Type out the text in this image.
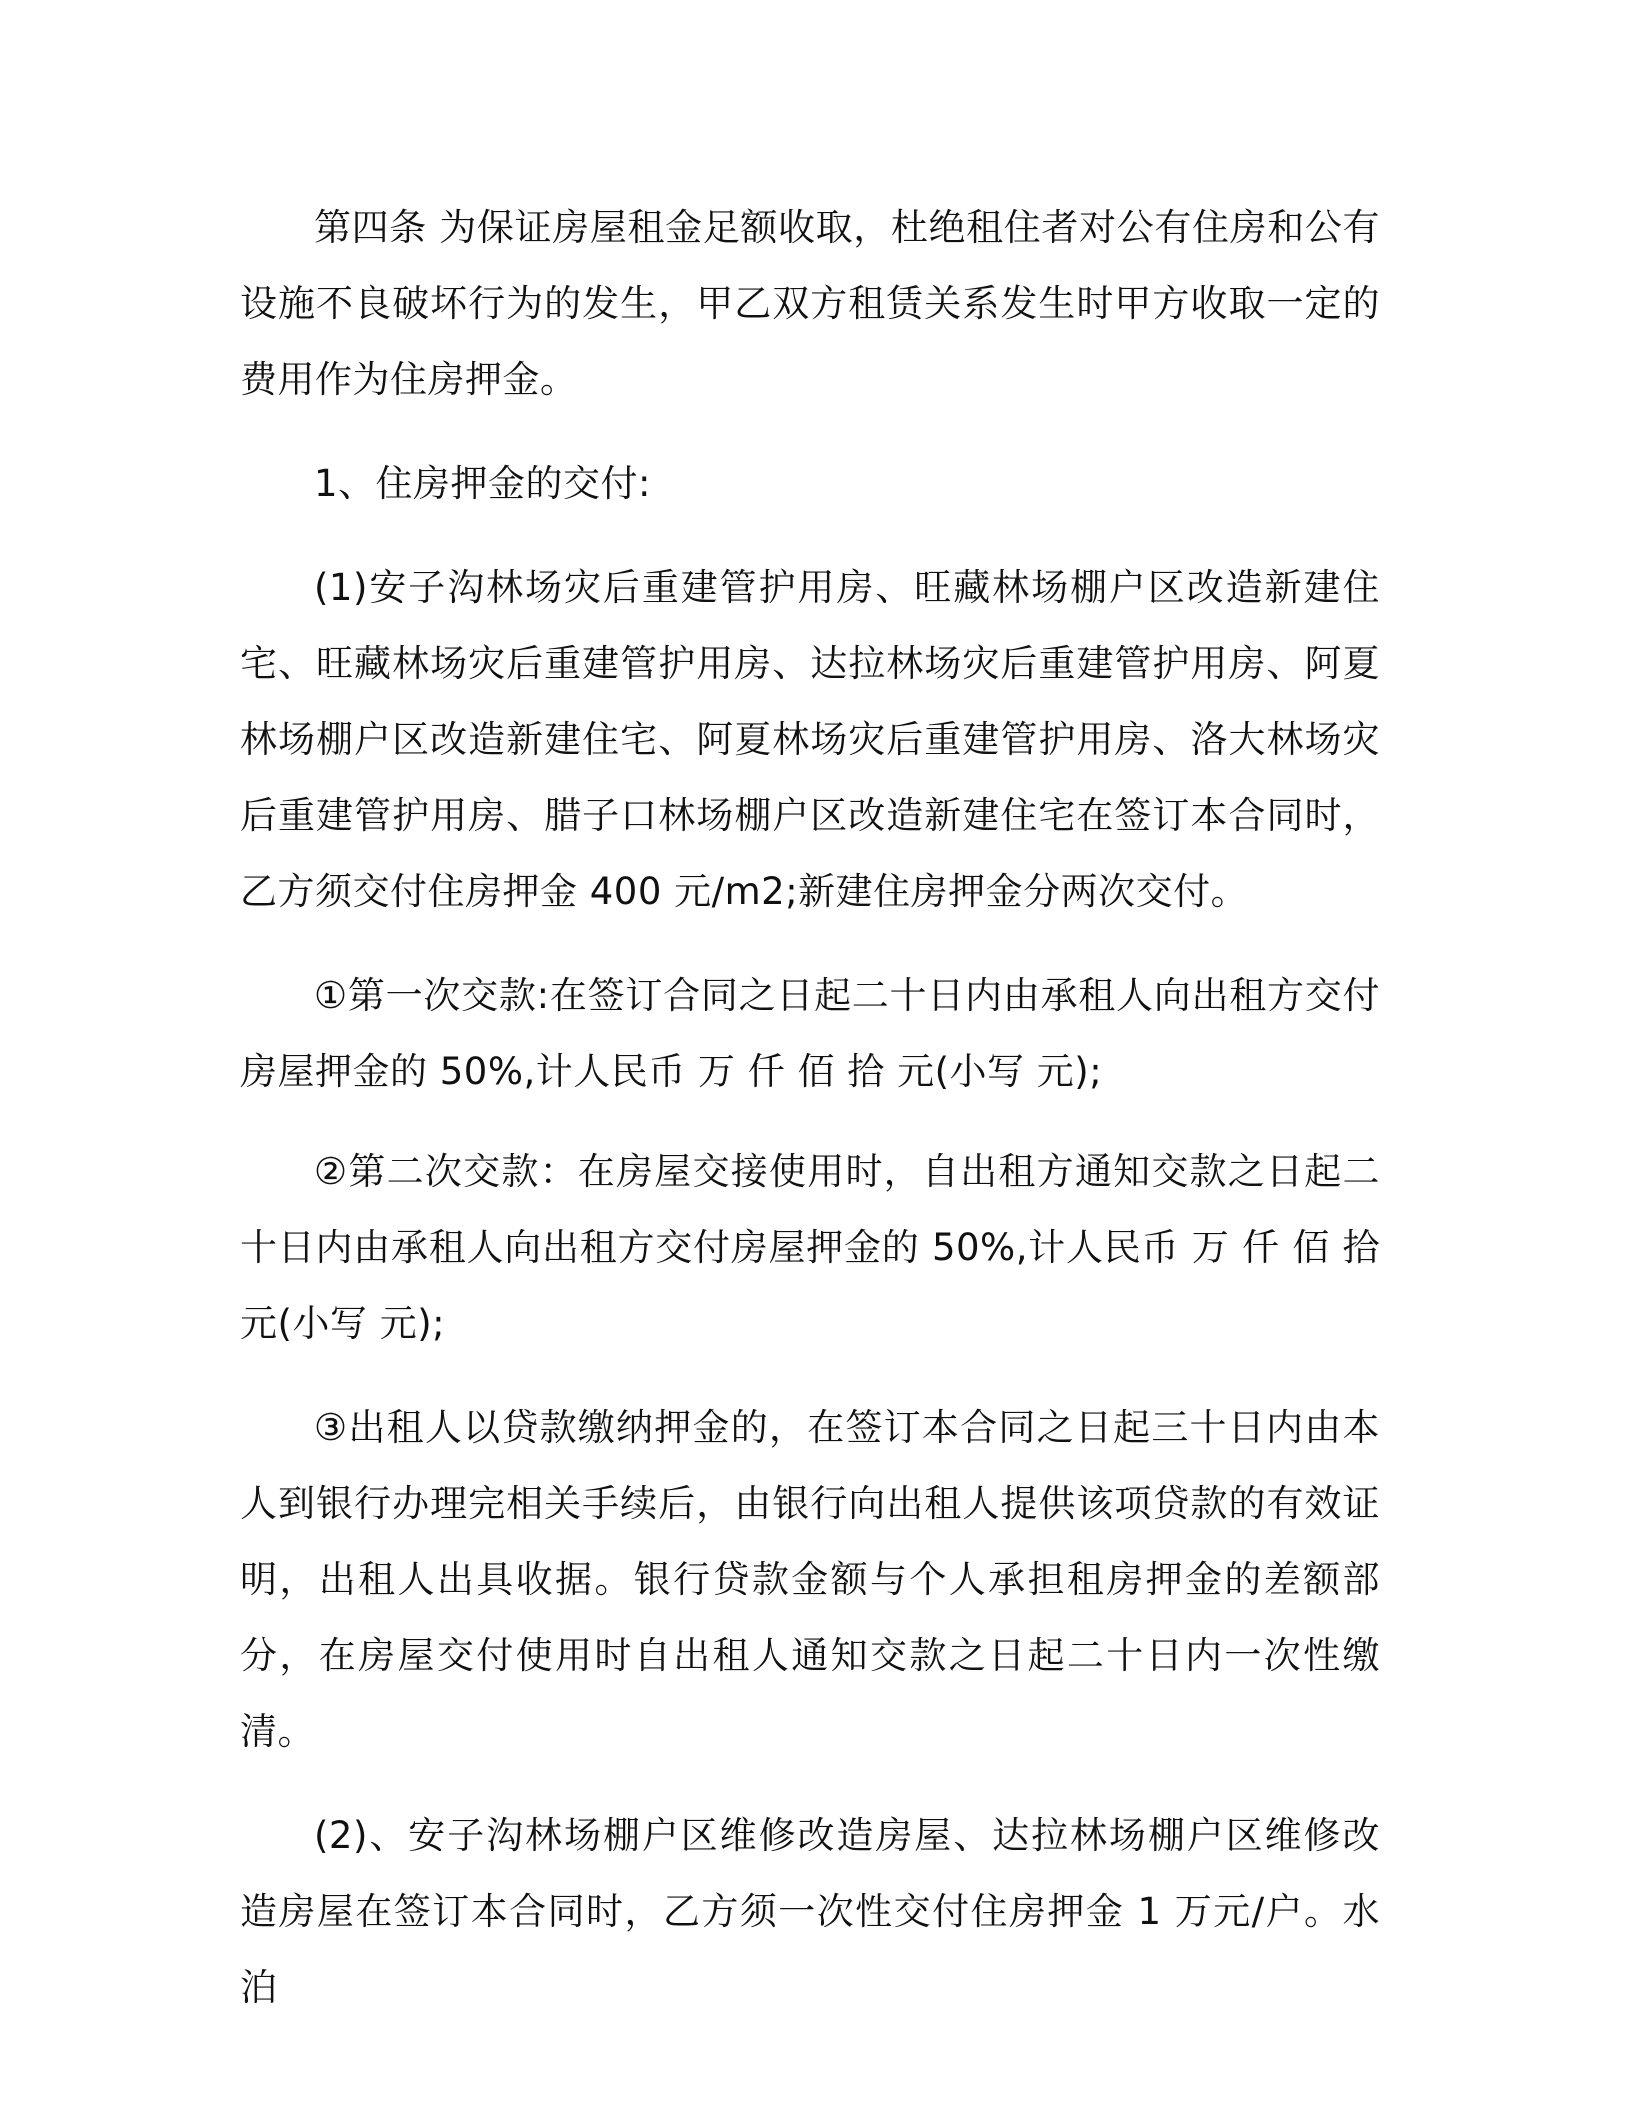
第四条 为保证房屋租金足额收取，杜绝租住者对公有住房和公有设施不良破坏行为的发生，甲乙双方租赁关系发生时甲方收取一定的费用作为住房押金。

1、住房押金的交付:

(1)安子沟林场灾后重建管护用房、旺藏林场棚户区改造新建住宅、旺藏林场灾后重建管护用房、达拉林场灾后重建管护用房、阿夏林场棚户区改造新建住宅、阿夏林场灾后重建管护用房、洛大林场灾后重建管护用房、腊子口林场棚户区改造新建住宅在签订本合同时，乙方须交付住房押金 400 元/m2;新建住房押金分两次交付。

①第一次交款:在签订合同之日起二十日内由承租人向出租方交付房屋押金的 50%,计人民币 万 仟 佰 拾 元(小写 元);

②第二次交款：在房屋交接使用时，自出租方通知交款之日起二十日内由承租人向出租方交付房屋押金的 50%,计人民币 万 仟 佰 拾 元(小写 元);

③出租人以贷款缴纳押金的，在签订本合同之日起三十日内由本人到银行办理完相关手续后，由银行向出租人提供该项贷款的有效证明，出租人出具收据。银行贷款金额与个人承担租房押金的差额部分，在房屋交付使用时自出租人通知交款之日起二十日内一次性缴清。

(2)、安子沟林场棚户区维修改造房屋、达拉林场棚户区维修改造房屋在签订本合同时，乙方须一次性交付住房押金 1 万元/户。水泊
